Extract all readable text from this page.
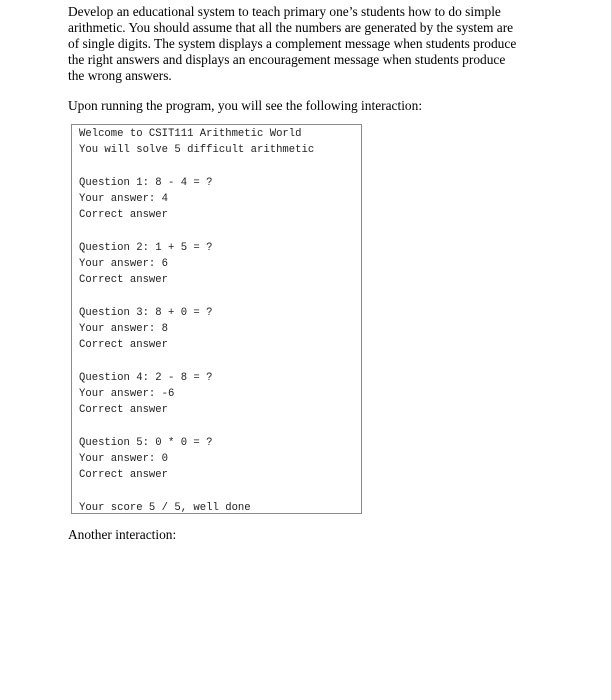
Develop an educational system to teach primary one’s students how to do simple
arithmetic. You should assume that all the numbers are generated by the system are
of single digits. The system displays a complement message when students produce
the right answers and displays an encouragement message when students produce
the wrong answers.

Upon running the program, you will see the following interaction:

Welcome to CSIT111 Arithmetic World
You will solve 5 difficult arithmetic
Question 1: 8 - 4 = ?
Your answer: 4
Correct answer
Question 2: 1 + 5 = ?
Your answer: 6
Correct answer
Question 3: 8 + 0 = ?
Your answer: 8
Correct answer
Question 4: 2 - 8 = ?
Your answer: -6
Correct answer
Question 5: 0 * 0 = ?
Your answer: 0
Correct answer
Your score 5 / 5, well done

Another interaction:
